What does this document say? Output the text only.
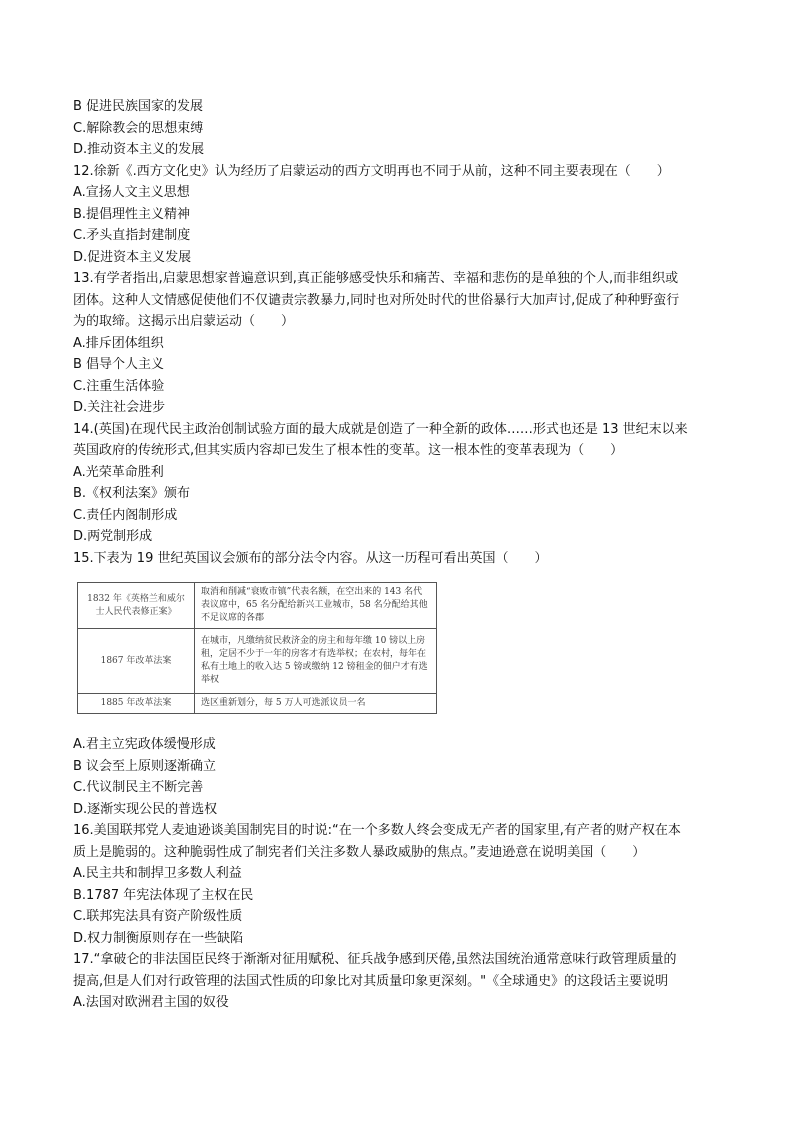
B 促进民族国家的发展
C.解除教会的思想束缚
D.推动资本主义的发展
12.徐新《.西方文化史》认为经历了启蒙运动的西方文明再也不同于从前，这种不同主要表现在（　　）
A.宣扬人文主义思想
B.提倡理性主义精神
C.矛头直指封建制度
D.促进资本主义发展
13.有学者指出,启蒙思想家普遍意识到,真正能够感受快乐和痛苦、幸福和悲伤的是单独的个人,而非组织或
团体。这种人文情感促使他们不仅谴责宗教暴力,同时也对所处时代的世俗暴行大加声讨,促成了种种野蛮行
为的取缔。这揭示出启蒙运动（　　）
A.排斥团体组织
B 倡导个人主义
C.注重生活体验
D.关注社会进步
14.(英国)在现代民主政治创制试验方面的最大成就是创造了一种全新的政体……形式也还是 13 世纪末以来
英国政府的传统形式,但其实质内容却已发生了根本性的变革。这一根本性的变革表现为（　　）
A.光荣革命胜利
B.《权利法案》颁布
C.责任内阁制形成
D.两党制形成
15.下表为 19 世纪英国议会颁布的部分法令内容。从这一历程可看出英国（　　）
1832 年《英格兰和威尔士人民代表修正案》	取消和削减“衰败市镇”代表名额，在空出来的 143 名代表议席中，65 名分配给新兴工业城市，58 名分配给其他不足议席的各郡
1867 年改革法案	在城市，凡缴纳贫民救济金的房主和每年缴 10 镑以上房租，定居不少于一年的房客才有选举权；在农村，每年在私有土地上的收入达 5 镑或缴纳 12 镑租金的佃户才有选举权
1885 年改革法案	选区重新划分，每 5 万人可选派议员一名
A.君主立宪政体缓慢形成
B 议会至上原则逐渐确立
C.代议制民主不断完善
D.逐渐实现公民的普选权
16.美国联邦党人麦迪逊谈美国制宪目的时说:“在一个多数人终会变成无产者的国家里,有产者的财产权在本
质上是脆弱的。这种脆弱性成了制宪者们关注多数人暴政威胁的焦点。”麦迪逊意在说明美国（　　）
A.民主共和制捍卫多数人利益
B.1787 年宪法体现了主权在民
C.联邦宪法具有资产阶级性质
D.权力制衡原则存在一些缺陷
17.“拿破仑的非法国臣民终于渐渐对征用赋税、征兵战争感到厌倦,虽然法国统治通常意味行政管理质量的
提高,但是人们对行政管理的法国式性质的印象比对其质量印象更深刻。"《全球通史》的这段话主要说明
A.法国对欧洲君主国的奴役
